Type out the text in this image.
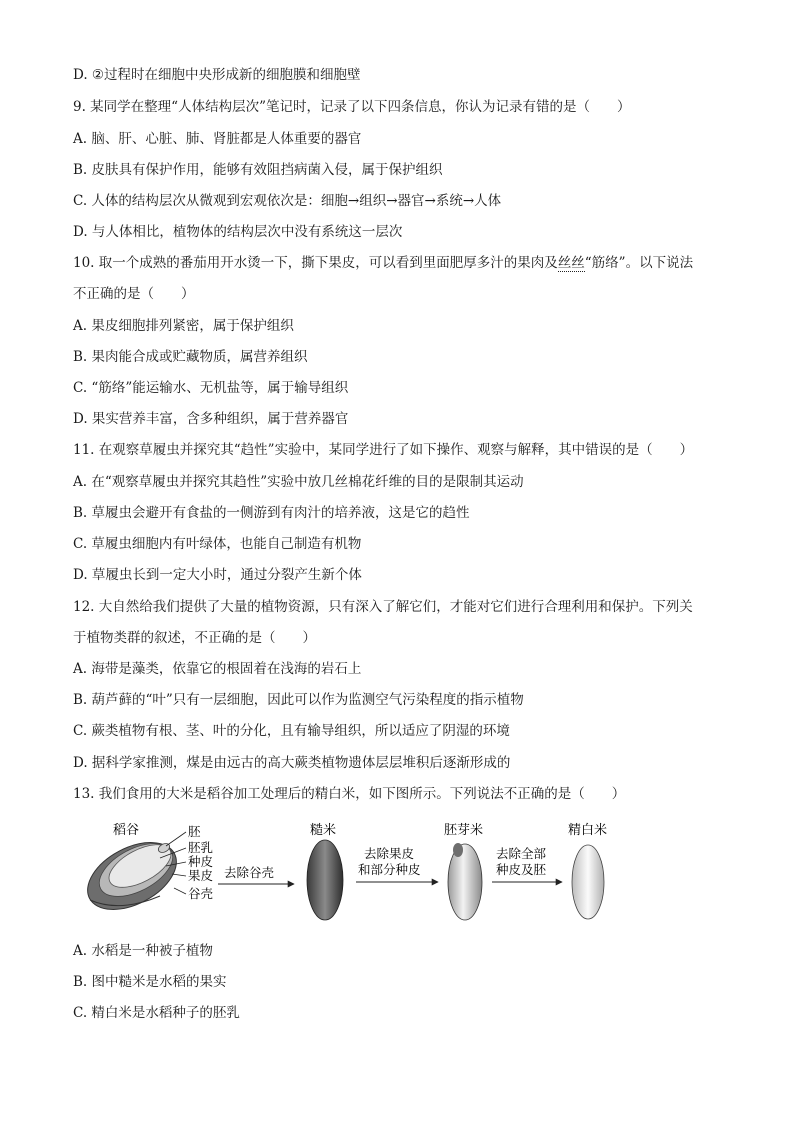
D. ②过程时在细胞中央形成新的细胞膜和细胞壁
9. 某同学在整理“人体结构层次”笔记时，记录了以下四条信息，你认为记录有错的是（　　）
A. 脑、肝、心脏、肺、肾脏都是人体重要的器官
B. 皮肤具有保护作用，能够有效阻挡病菌入侵，属于保护组织
C. 人体的结构层次从微观到宏观依次是：细胞→组织→器官→系统→人体
D. 与人体相比，植物体的结构层次中没有系统这一层次
10. 取一个成熟的番茄用开水烫一下，撕下果皮，可以看到里面肥厚多汁的果肉及丝丝“筋络”。以下说法
不正确的是（　　）
A. 果皮细胞排列紧密，属于保护组织
B. 果肉能合成或贮藏物质，属营养组织
C. “筋络”能运输水、无机盐等，属于输导组织
D. 果实营养丰富，含多种组织，属于营养器官
11. 在观察草履虫并探究其“趋性”实验中，某同学进行了如下操作、观察与解释，其中错误的是（　　）
A. 在“观察草履虫并探究其趋性”实验中放几丝棉花纤维的目的是限制其运动
B. 草履虫会避开有食盐的一侧游到有肉汁的培养液，这是它的趋性
C. 草履虫细胞内有叶绿体，也能自己制造有机物
D. 草履虫长到一定大小时，通过分裂产生新个体
12. 大自然给我们提供了大量的植物资源，只有深入了解它们，才能对它们进行合理利用和保护。下列关
于植物类群的叙述，不正确的是（　　）
A. 海带是藻类，依靠它的根固着在浅海的岩石上
B. 葫芦藓的“叶”只有一层细胞，因此可以作为监测空气污染程度的指示植物
C. 蕨类植物有根、茎、叶的分化，且有输导组织，所以适应了阴湿的环境
D. 据科学家推测，煤是由远古的高大蕨类植物遗体层层堆积后逐渐形成的
13. 我们食用的大米是稻谷加工处理后的精白米，如下图所示。下列说法不正确的是（　　）
稻谷	胚
胚乳
种皮
果皮
谷壳
去除谷壳
糙米
去除果皮
和部分种皮
胚芽米
去除全部
种皮及胚
精白米
A. 水稻是一种被子植物
B. 图中糙米是水稻的果实
C. 精白米是水稻种子的胚乳
